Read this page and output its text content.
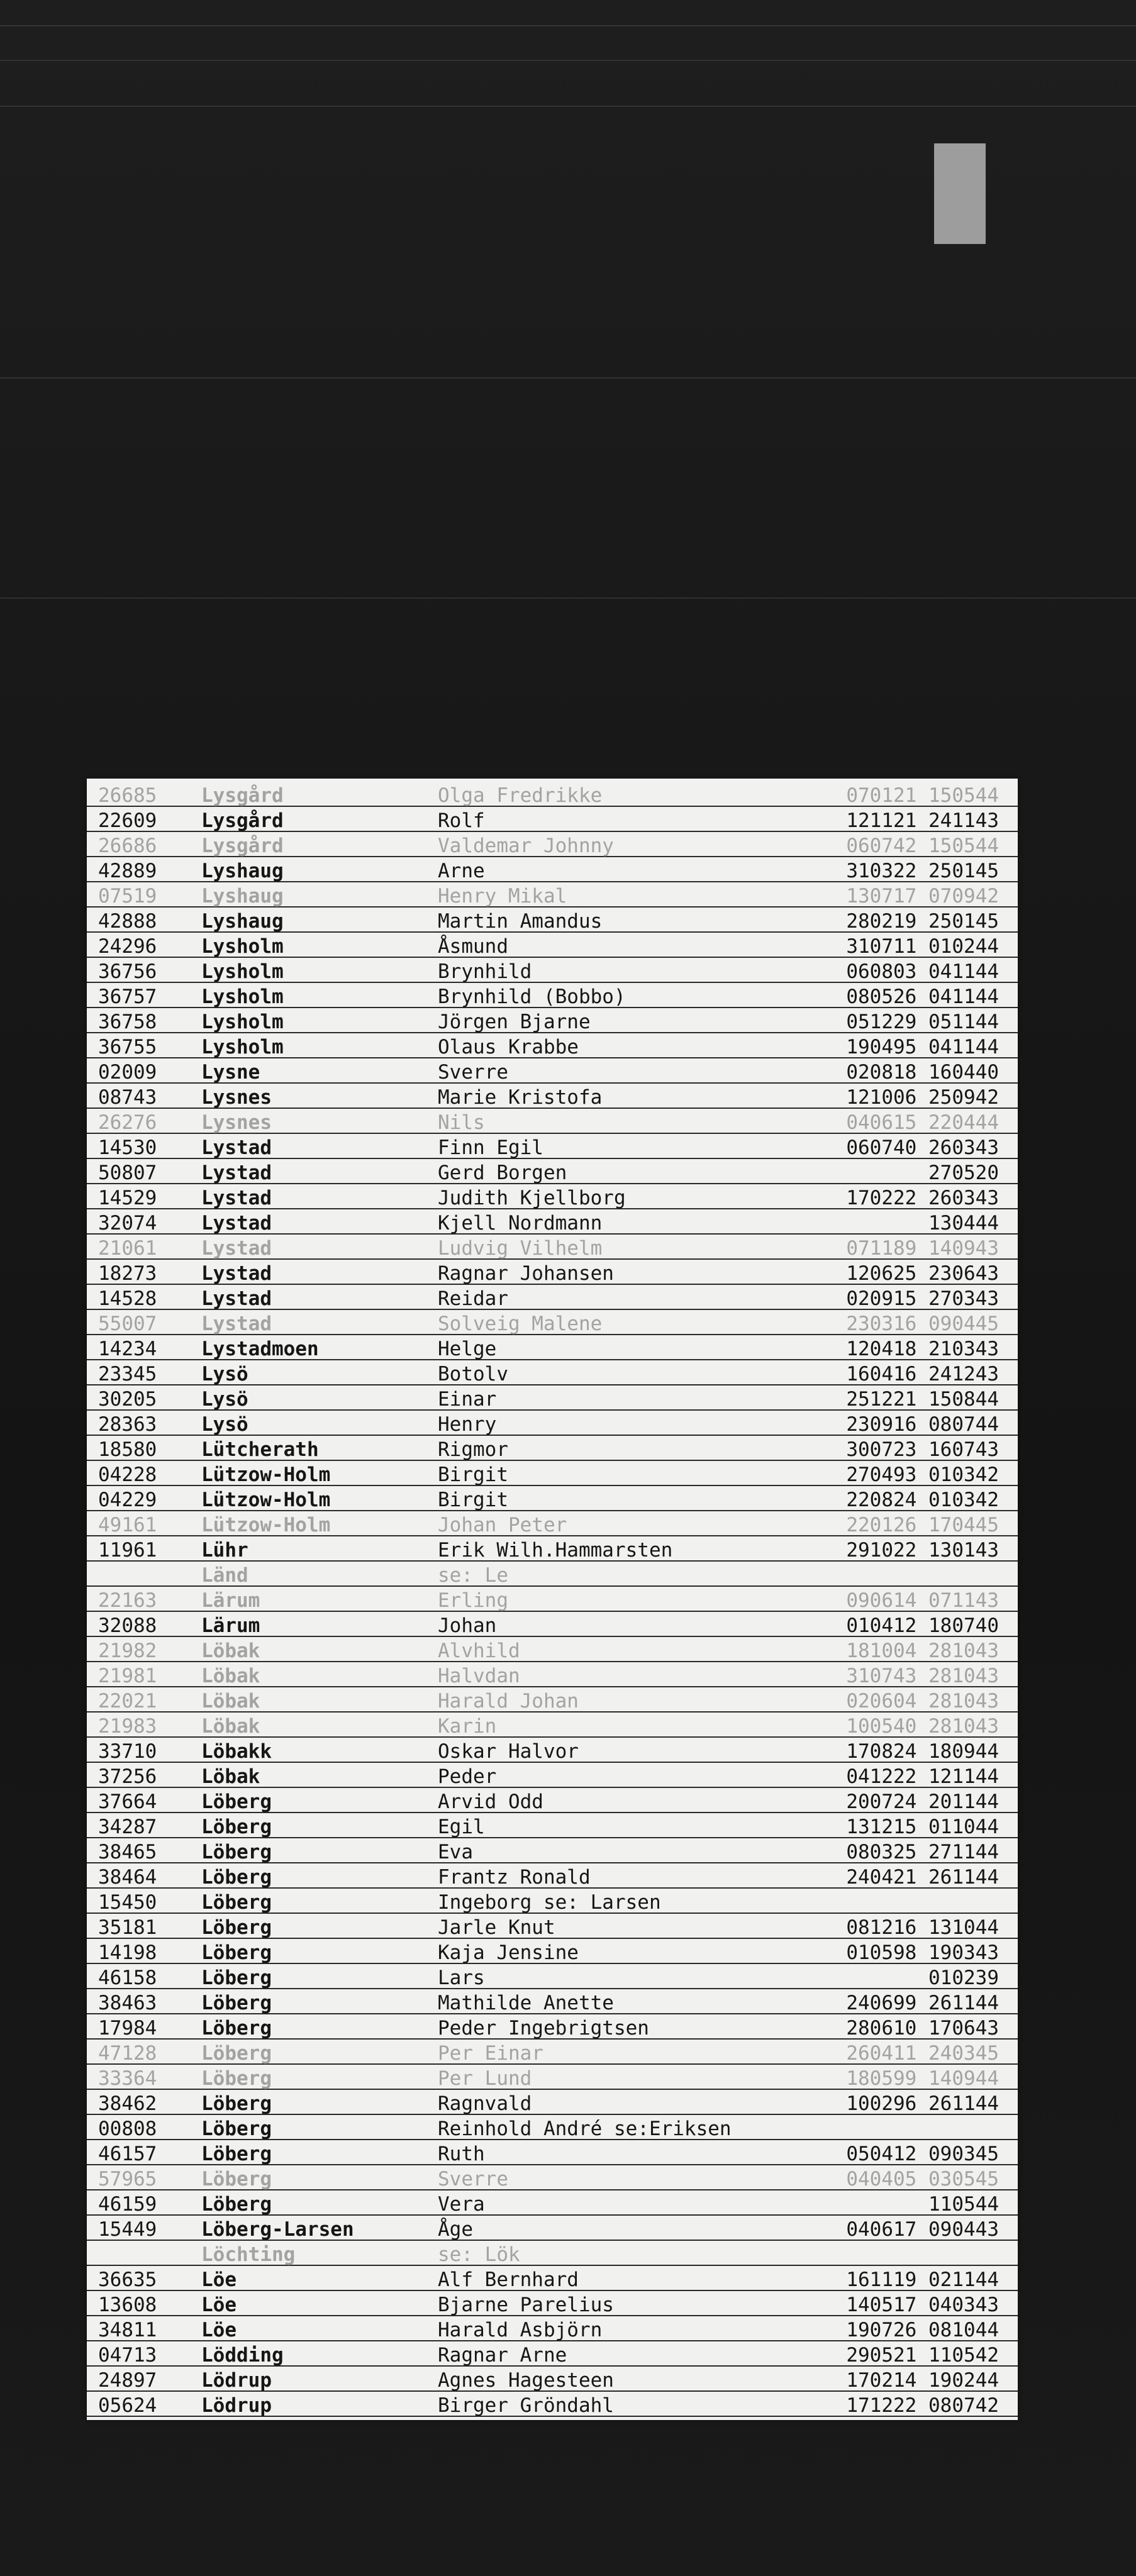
26685 Lysgård	Olga Fredrikke	070121 150544
22609 Lysgård	Rolf	121121 241143
26686 Lysgård	Valdemar Johnny	060742 150544
42889 Lyshaug	Arne	310322 250145
07519 Lyshaug	Henry Mikal	130717 070942
42888 Lyshaug	Martin Amandus	280219 250145
24296 Lysholm	Åsmund	310711 010244
36756 Lysholm	Brynhild	060803 041144
36757 Lysholm	Brynhild (Bobbo)	080526 041144
36758 Lysholm	Jörgen Bjarne	051229 051144
36755 Lysholm	Olaus Krabbe	190495 041144
02009 Lysne	Sverre	020818 160440
08743 Lysnes	Marie Kristofa	121006 250942
26276 Lysnes	Nils	040615 220444
14530 Lystad	Finn Egil	060740 260343
50807 Lystad	Gerd Borgen	270520
14529 Lystad	Judith Kjellborg	170222 260343
32074 Lystad	Kjell Nordmann	130444
21061 Lystad	Ludvig Vilhelm	071189 140943
18273 Lystad	Ragnar Johansen	120625 230643
14528 Lystad	Reidar	020915 270343
55007 Lystad	Solveig Malene	230316 090445
14234 Lystadmoen	Helge	120418 210343
23345 Lysö	Botolv	160416 241243
30205 Lysö	Einar	251221 150844
28363 Lysö	Henry	230916 080744
18580 Lütcherath	Rigmor	300723 160743
04228 Lützow-Holm	Birgit	270493 010342
04229 Lützow-Holm	Birgit	220824 010342
49161 Lützow-Holm	Johan Peter	220126 170445
11961 Lühr	Erik Wilh.Hammarsten	291022 130143
Länd	se: Le
22163 Lärum	Erling	090614 071143
32088 Lärum	Johan	010412 180740
21982 Löbak	Alvhild	181004 281043
21981 Löbak	Halvdan	310743 281043
22021 Löbak	Harald Johan	020604 281043
21983 Löbak	Karin	100540 281043
33710 Löbakk	Oskar Halvor	170824 180944
37256 Löbak	Peder	041222 121144
37664 Löberg	Arvid Odd	200724 201144
34287 Löberg	Egil	131215 011044
38465 Löberg	Eva	080325 271144
38464 Löberg	Frantz Ronald	240421 261144
15450 Löberg	Ingeborg se: Larsen
35181 Löberg	Jarle Knut	081216 131044
14198 Löberg	Kaja Jensine	010598 190343
46158 Löberg	Lars	010239
38463 Löberg	Mathilde Anette	240699 261144
17984 Löberg	Peder Ingebrigtsen	280610 170643
47128 Löberg	Per Einar	260411 240345
33364 Löberg	Per Lund	180599 140944
38462 Löberg	Ragnvald	100296 261144
00808 Löberg	Reinhold André se:Eriksen
46157 Löberg	Ruth	050412 090345
57965 Löberg	Sverre	040405 030545
46159 Löberg	Vera	110544
15449 Löberg-Larsen	Åge	040617 090443
Löchting	se: Lök
36635 Löe	Alf Bernhard	161119 021144
13608 Löe	Bjarne Parelius	140517 040343
34811 Löe	Harald Asbjörn	190726 081044
04713 Lödding	Ragnar Arne	290521 110542
24897 Lödrup	Agnes Hagesteen	170214 190244
05624 Lödrup	Birger Gröndahl	171222 080742
